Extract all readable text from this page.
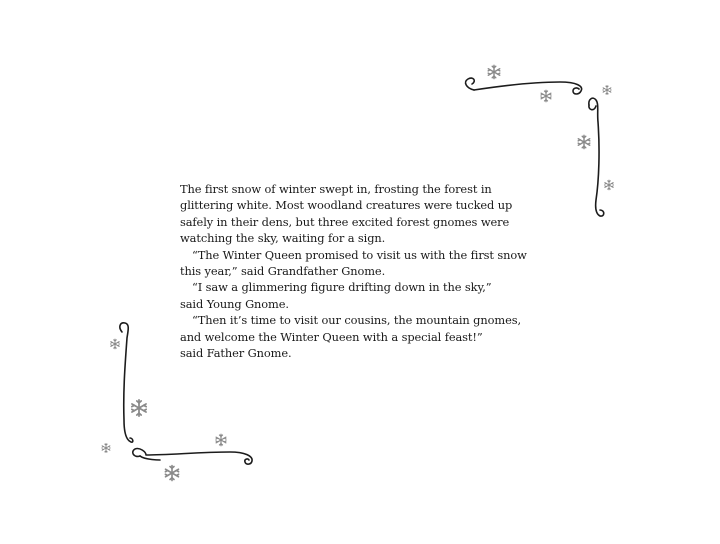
The first snow of winter swept in, frosting the forest in

glittering white. Most woodland creatures were tucked up

safely in their dens, but three excited forest gnomes were

watching the sky, waiting for a sign.

“The Winter Queen promised to visit us with the first snow

this year,” said Grandfather Gnome.

“I saw a glimmering figure drifting down in the sky,”

said Young Gnome.

“Then it’s time to visit our cousins, the mountain gnomes,

and welcome the Winter Queen with a special feast!”

said Father Gnome.
